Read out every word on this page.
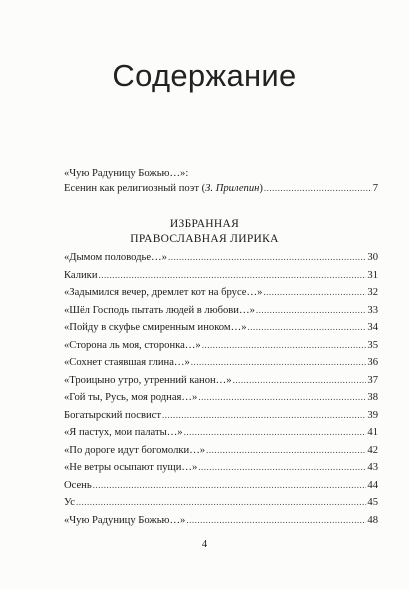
Содержание
«Чую Радуницу Божью…»:
Есенин как религиозный поэт (З. Прилепин) .....	7
ИЗБРАННАЯ
ПРАВОСЛАВНАЯ ЛИРИКА
«Дымом половодье…» .....	30
Калики .....	31
«Задымился вечер, дремлет кот на брусе…» .....	32
«Шёл Господь пытать людей в любови…» .....	33
«Пойду в скуфье смиренным иноком…» .....	34
«Сторона ль моя, сторонка…» .....	35
«Сохнет стаявшая глина…» .....	36
«Троицыно утро, утренний канон…» .....	37
«Гой ты, Русь, моя родная…» .....	38
Богатырский посвист .....	39
«Я пастух, мои палаты…» .....	41
«По дороге идут богомолки…» .....	42
«Не ветры осыпают пущи…» .....	43
Осень .....	44
Ус .....	45
«Чую Радуницу Божью…» .....	48
4
